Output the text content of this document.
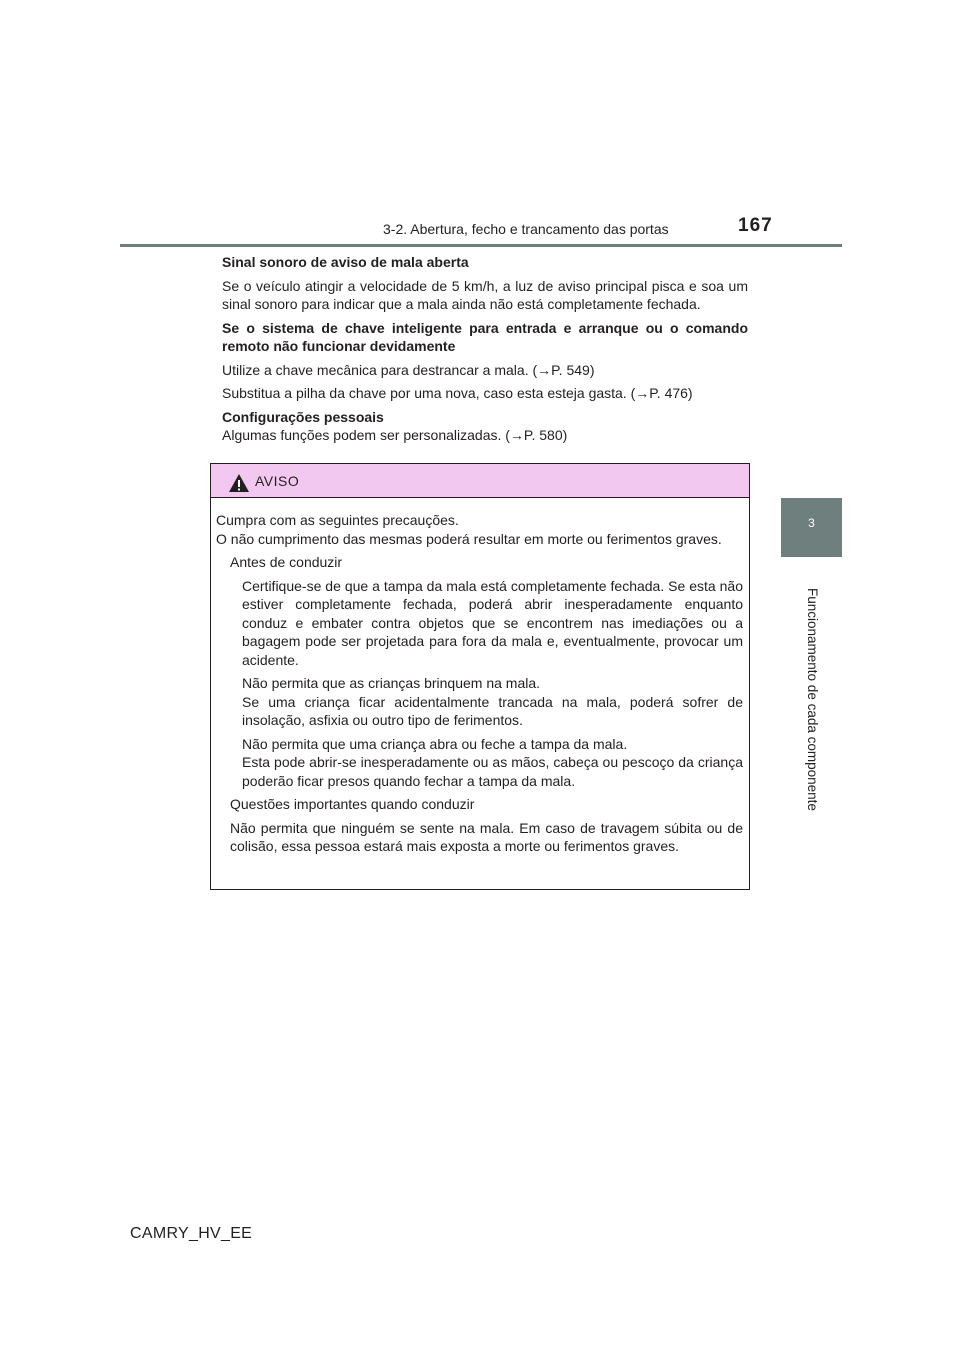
3-2. Abertura, fecho e trancamento das portas	167
3
Funcionamento de cada componente

Sinal sonoro de aviso de mala aberta

Se o veículo atingir a velocidade de 5 km/h, a luz de aviso principal pisca e soa um sinal sonoro para indicar que a mala ainda não está completamente fechada.

Se o sistema de chave inteligente para entrada e arranque ou o comando remoto não funcionar devidamente

Utilize a chave mecânica para destrancar a mala. (→P. 549)

Substitua a pilha da chave por uma nova, caso esta esteja gasta. (→P. 476)

Configurações pessoais

Algumas funções podem ser personalizadas. (→P. 580)

AVISO

Cumpra com as seguintes precauções.

O não cumprimento das mesmas poderá resultar em morte ou ferimentos graves.

Antes de conduzir

Certifique-se de que a tampa da mala está completamente fechada. Se esta não estiver completamente fechada, poderá abrir inesperadamente enquanto conduz e embater contra objetos que se encontrem nas imediações ou a bagagem pode ser projetada para fora da mala e, eventualmente, provocar um acidente.

Não permita que as crianças brinquem na mala.

Se uma criança ficar acidentalmente trancada na mala, poderá sofrer de insolação, asfixia ou outro tipo de ferimentos.

Não permita que uma criança abra ou feche a tampa da mala.

Esta pode abrir-se inesperadamente ou as mãos, cabeça ou pescoço da criança poderão ficar presos quando fechar a tampa da mala.

Questões importantes quando conduzir

Não permita que ninguém se sente na mala. Em caso de travagem súbita ou de colisão, essa pessoa estará mais exposta a morte ou ferimentos graves.

CAMRY_HV_EE
